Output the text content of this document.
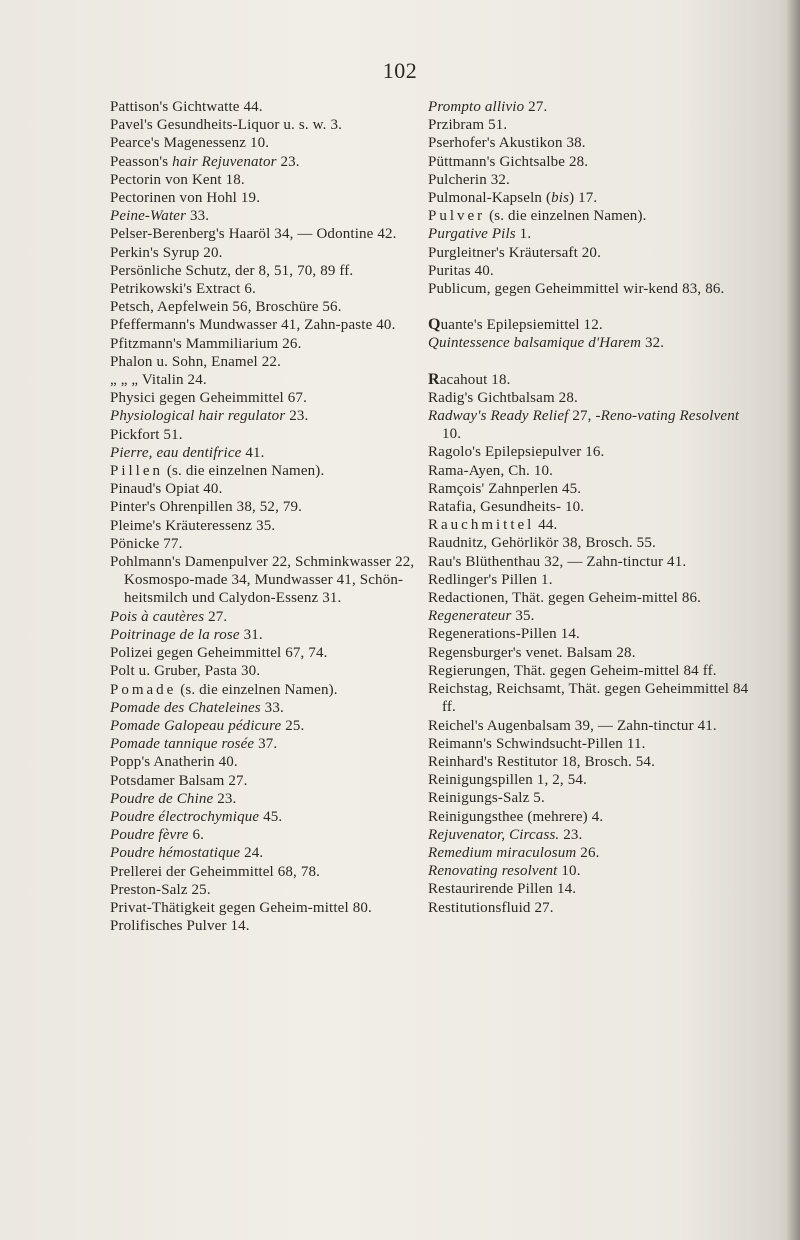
102
Pattison's Gichtwatte 44.
Pavel's Gesundheits-Liquor u. s. w. 3.
Pearce's Magenessenz 10.
Peasson's hair Rejuvenator 23.
Pectorin von Kent 18.
Pectorinen von Hohl 19.
Peine-Water 33.
Pelser-Berenberg's Haaröl 34, — Odontine 42.
Perkin's Syrup 20.
Persönliche Schutz, der 8, 51, 70, 89 ff.
Petrikowski's Extract 6.
Petsch, Aepfelwein 56, Broschüre 56.
Pfeffermann's Mundwasser 41, Zahn-paste 40.
Pfitzmann's Mammiliarium 26.
Phalon u. Sohn, Enamel 22.
„ „ „ Vitalin 24.
Physici gegen Geheimmittel 67.
Physiological hair regulator 23.
Pickfort 51.
Pierre, eau dentifrice 41.
Pillen (s. die einzelnen Namen).
Pinaud's Opiat 40.
Pinter's Ohrenpillen 38, 52, 79.
Pleime's Kräuteressenz 35.
Pönicke 77.
Pohlmann's Damenpulver 22, Schminkwasser 22, Kosmospo-made 34, Mundwasser 41, Schön-heitsmilch und Calydon-Essenz 31.
Pois à cautères 27.
Poitrinage de la rose 31.
Polizei gegen Geheimmittel 67, 74.
Polt u. Gruber, Pasta 30.
Pomade (s. die einzelnen Namen).
Pomade des Chateleines 33.
Pomade Galopeau pédicure 25.
Pomade tannique rosée 37.
Popp's Anatherin 40.
Potsdamer Balsam 27.
Poudre de Chine 23.
Poudre électrochymique 45.
Poudre fèvre 6.
Poudre hémostatique 24.
Prellerei der Geheimmittel 68, 78.
Preston-Salz 25.
Privat-Thätigkeit gegen Geheim-mittel 80.
Prolifisches Pulver 14.
Prompto allivio 27.
Przibram 51.
Pserhofer's Akustikon 38.
Püttmann's Gichtsalbe 28.
Pulcherin 32.
Pulmonal-Kapseln (bis) 17.
Pulver (s. die einzelnen Namen).
Purgative Pils 1.
Purgleitner's Kräutersaft 20.
Puritas 40.
Publicum, gegen Geheimmittel wir-kend 83, 86.
Quante's Epilepsiemittel 12.
Quintessence balsamique d'Harem 32.
Racahout 18.
Radig's Gichtbalsam 28.
Radway's Ready Relief 27, -Reno-vating Resolvent 10.
Ragolo's Epilepsiepulver 16.
Rama-Ayen, Ch. 10.
Ramçois' Zahnperlen 45.
Ratafia, Gesundheits- 10.
Rauchmittel 44.
Raudnitz, Gehörlikör 38, Brosch. 55.
Rau's Blüthenthau 32, — Zahn-tinctur 41.
Redlinger's Pillen 1.
Redactionen, Thät. gegen Geheim-mittel 86.
Regenerateur 35.
Regenerations-Pillen 14.
Regensburger's venet. Balsam 28.
Regierungen, Thät. gegen Geheim-mittel 84 ff.
Reichstag, Reichsamt, Thät. gegen Geheimmittel 84 ff.
Reichel's Augenbalsam 39, — Zahn-tinctur 41.
Reimann's Schwindsucht-Pillen 11.
Reinhard's Restitutor 18, Brosch. 54.
Reinigungspillen 1, 2, 54.
Reinigungs-Salz 5.
Reinigungsthee (mehrere) 4.
Rejuvenator, Circass. 23.
Remedium miraculosum 26.
Renovating resolvent 10.
Restaurirende Pillen 14.
Restitutionsfluid 27.
